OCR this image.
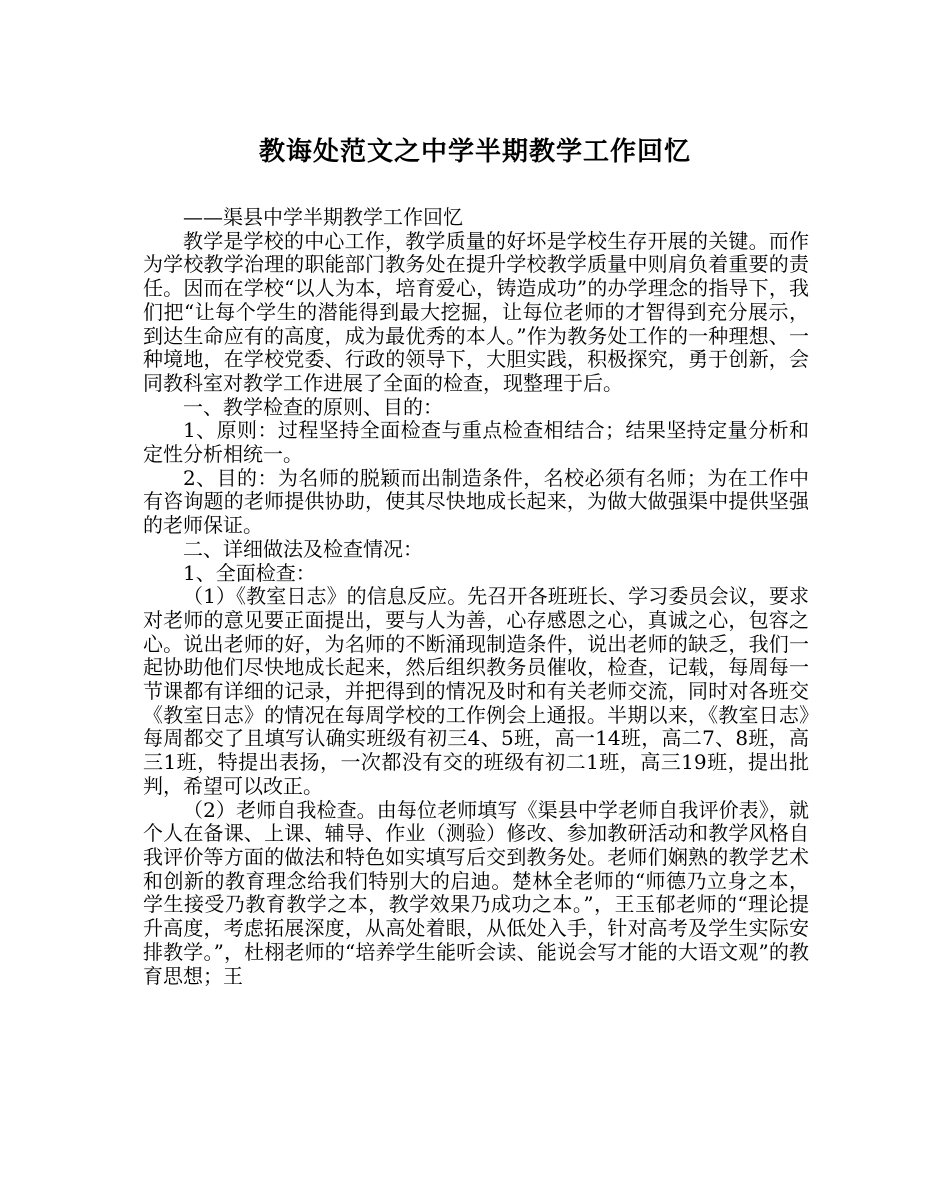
教诲处范文之中学半期教学工作回忆

——渠县中学半期教学工作回忆

教学是学校的中心工作，教学质量的好坏是学校生存开展的关键。而作为学校教学治理的职能部门教务处在提升学校教学质量中则肩负着重要的责任。因而在学校“以人为本，培育爱心，铸造成功”的办学理念的指导下，我们把“让每个学生的潜能得到最大挖掘，让每位老师的才智得到充分展示，到达生命应有的高度，成为最优秀的本人。”作为教务处工作的一种理想、一种境地，在学校党委、行政的领导下，大胆实践，积极探究，勇于创新，会同教科室对教学工作进展了全面的检查，现整理于后。

一、教学检查的原则、目的：

1、原则：过程坚持全面检查与重点检查相结合；结果坚持定量分析和定性分析相统一。

2、目的：为名师的脱颖而出制造条件，名校必须有名师；为在工作中有咨询题的老师提供协助，使其尽快地成长起来，为做大做强渠中提供坚强的老师保证。

二、详细做法及检查情况：

1、全面检查：

（1）《教室日志》的信息反应。先召开各班班长、学习委员会议，要求对老师的意见要正面提出，要与人为善，心存感恩之心，真诚之心，包容之心。说出老师的好，为名师的不断涌现制造条件，说出老师的缺乏，我们一起协助他们尽快地成长起来，然后组织教务员催收，检查，记载，每周每一节课都有详细的记录，并把得到的情况及时和有关老师交流，同时对各班交《教室日志》的情况在每周学校的工作例会上通报。半期以来，《教室日志》每周都交了且填写认确实班级有初三4、5班，高一14班，高二7、8班，高三1班，特提出表扬，一次都没有交的班级有初二1班，高三19班，提出批判，希望可以改正。

（2）老师自我检查。由每位老师填写《渠县中学老师自我评价表》，就个人在备课、上课、辅导、作业（测验）修改、参加教研活动和教学风格自我评价等方面的做法和特色如实填写后交到教务处。老师们娴熟的教学艺术和创新的教育理念给我们特别大的启迪。楚林全老师的“师德乃立身之本，学生接受乃教育教学之本，教学效果乃成功之本。”，王玉郁老师的“理论提升高度，考虑拓展深度，从高处着眼，从低处入手，针对高考及学生实际安排教学。”，杜栩老师的“培养学生能听会读、能说会写才能的大语文观”的教育思想；王
